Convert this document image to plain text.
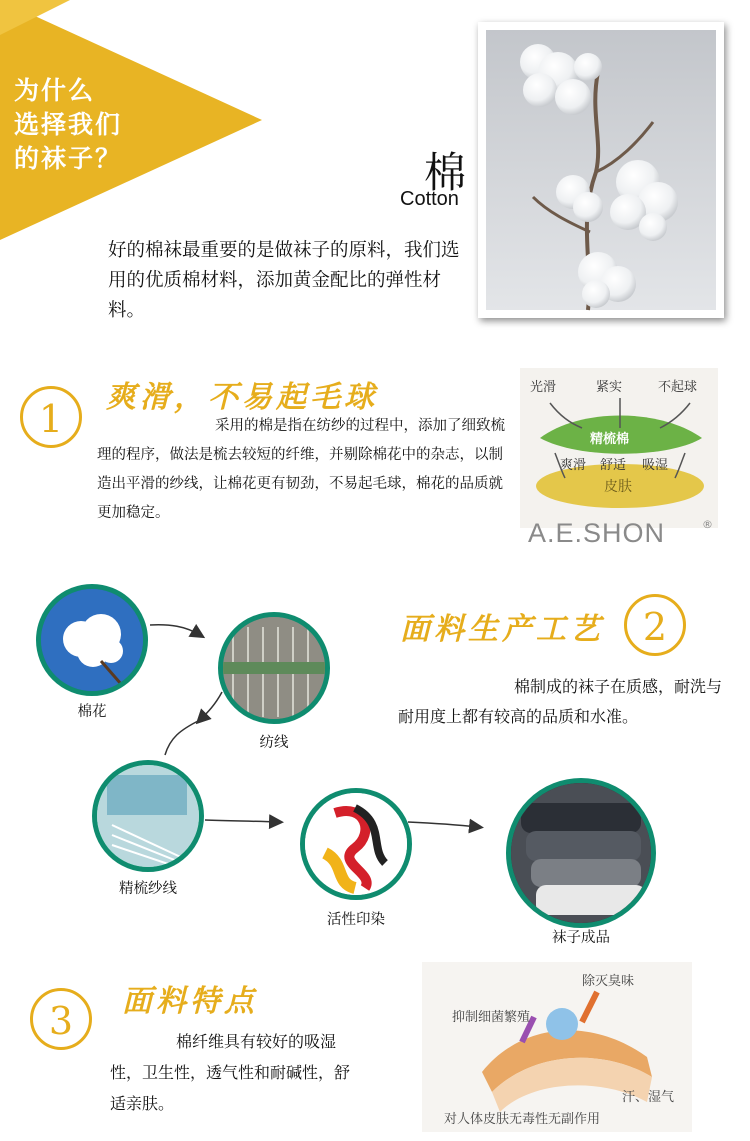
为什么
选择我们
的袜子？	棉
Cotton
好的棉袜最重要的是做袜子的原料，我们选用的优质棉材料，添加黄金配比的弹性材料。
1	爽滑，不易起毛球
采用的棉是指在纺纱的过程中，添加了细致梳理的程序，做法是梳去较短的纤维，并剔除棉花中的杂志，以制造出平滑的纱线，让棉花更有韧劲，不易起毛球，棉花的品质就更加稳定。
光滑	紧实	不起球
精梳棉
爽滑 舒适 吸湿
皮肤
A.E.SHON	®
棉花
纺线
精梳纱线
活性印染
袜子成品
面料生产工艺	2
棉制成的袜子在质感，耐洗与耐用度上都有较高的品质和水准。
3	面料特点
棉纤维具有较好的吸湿性，卫生性，透气性和耐碱性，舒适亲肤。
除灭臭味
抑制细菌繁殖
汗、湿气
对人体皮肤无毒性无副作用
